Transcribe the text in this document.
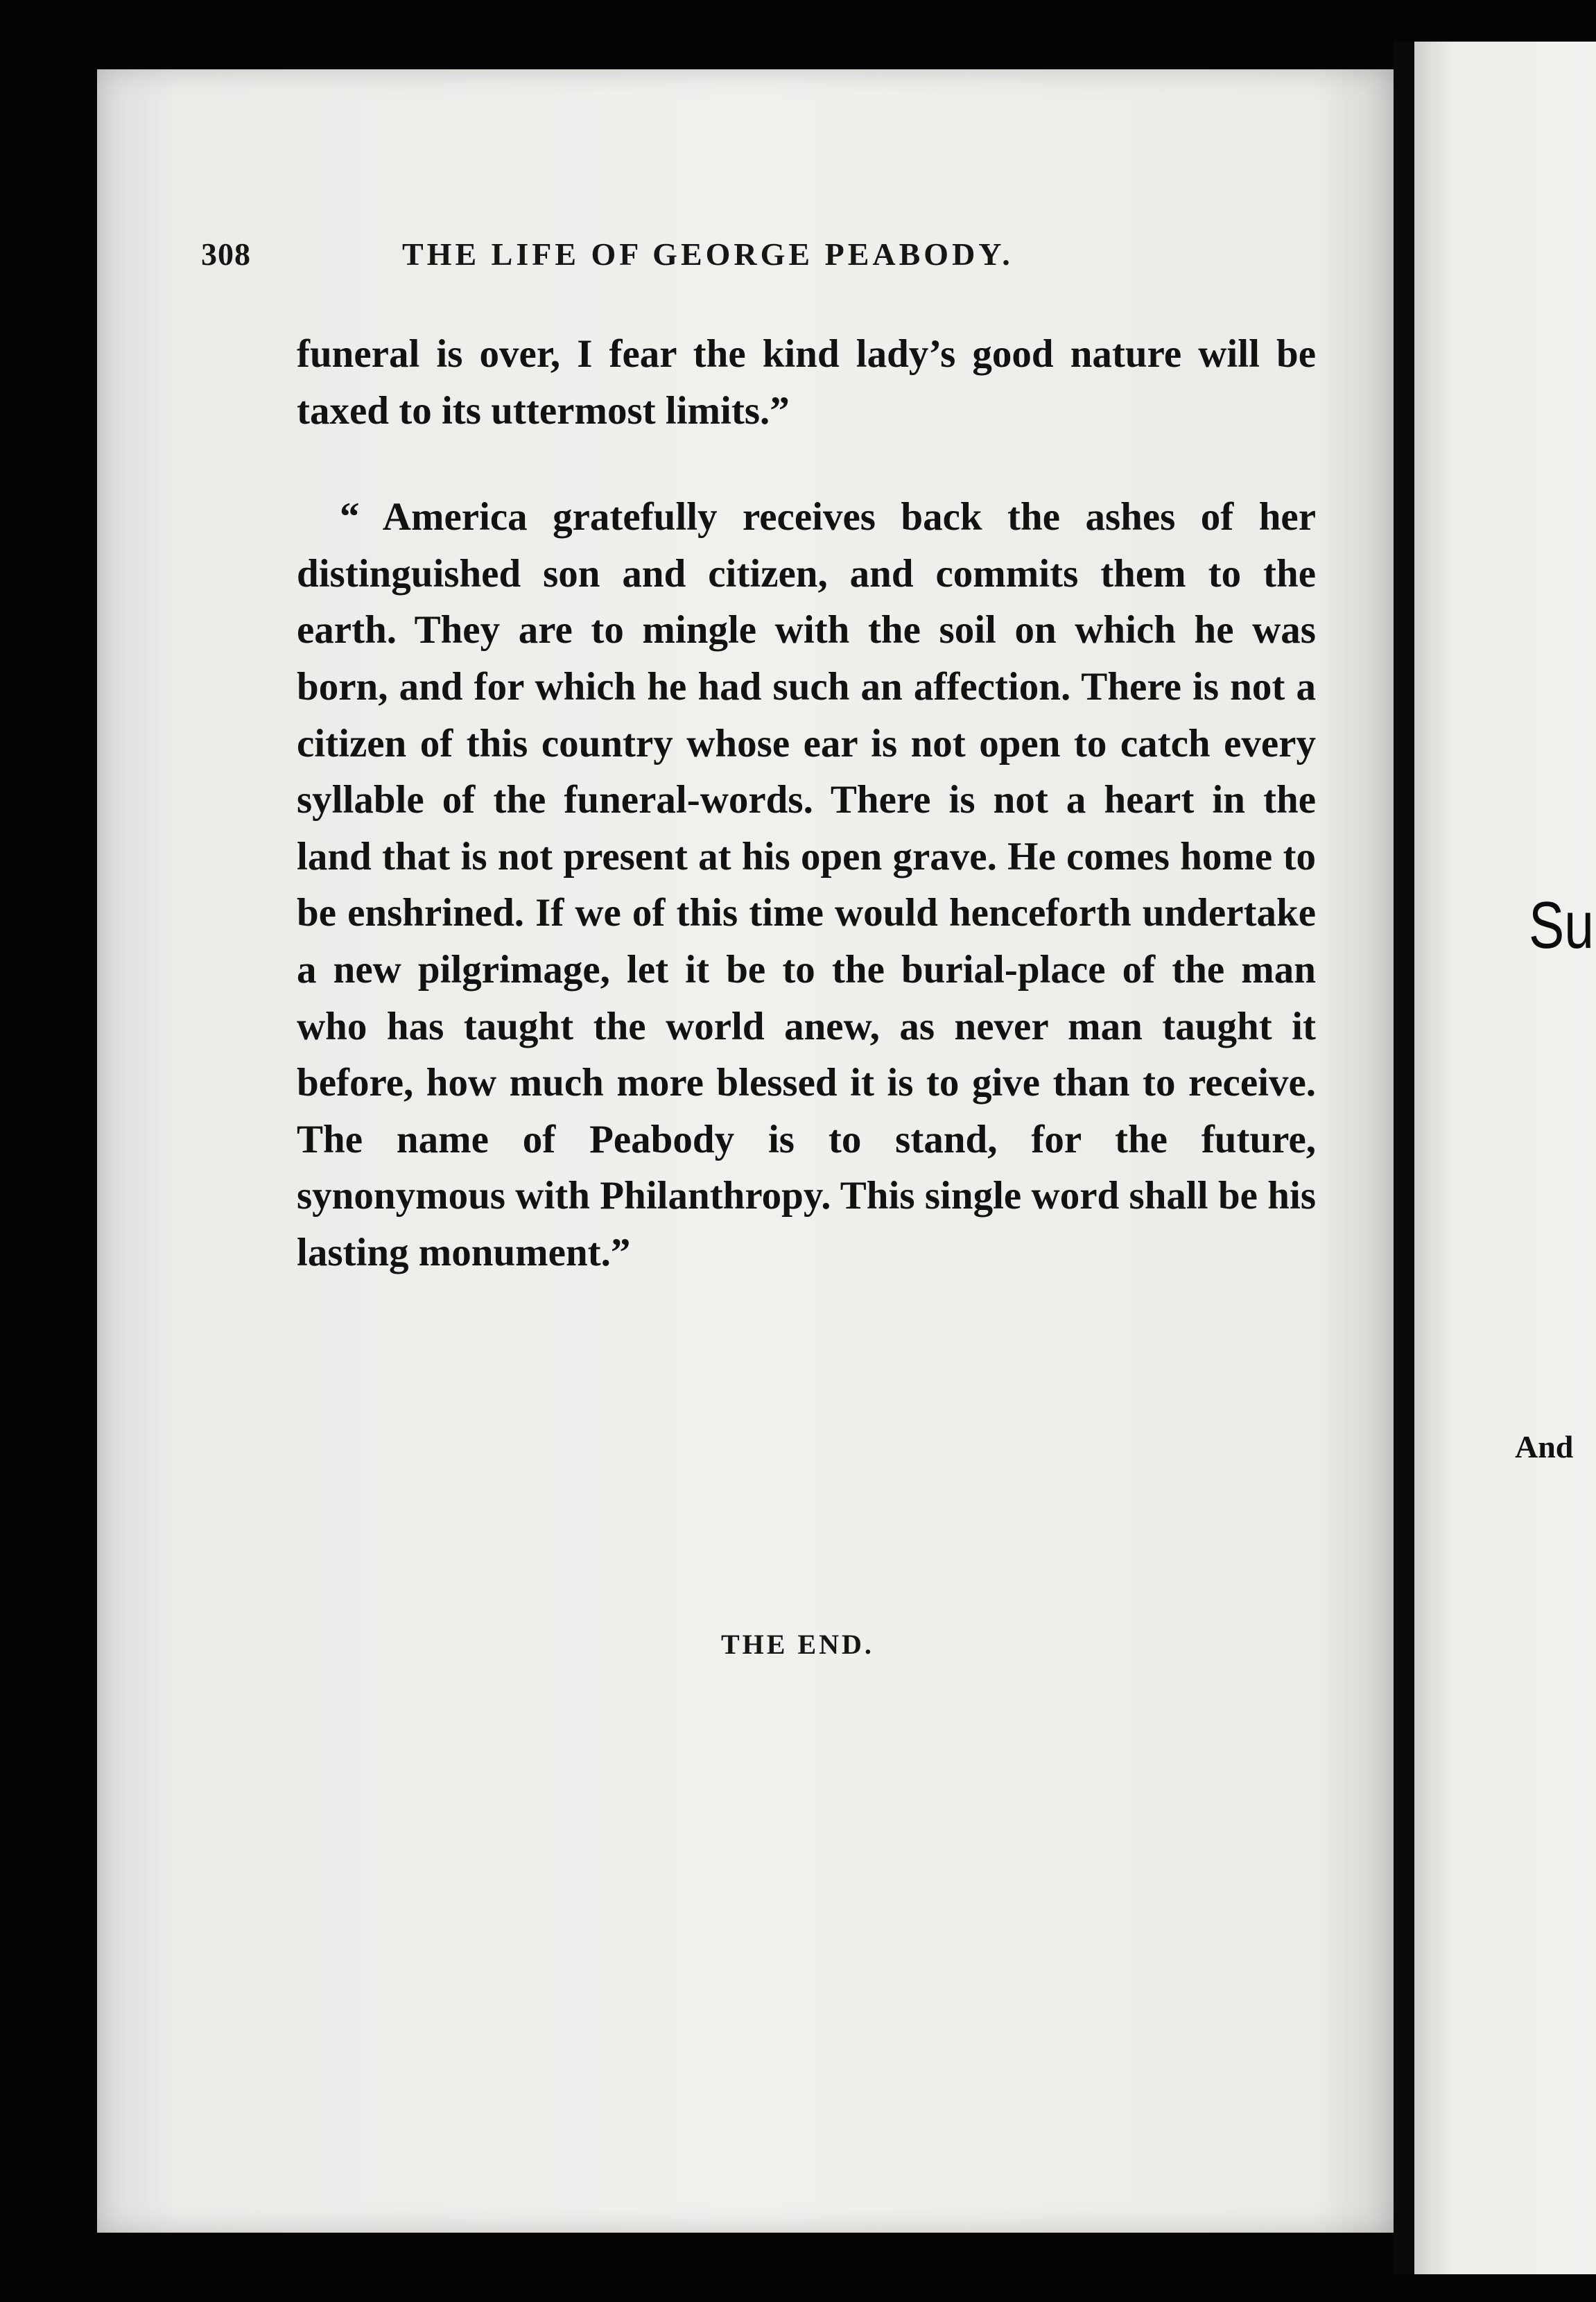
308	THE LIFE OF GEORGE PEABODY.

funeral is over, I fear the kind lady’s good nature will be taxed to its uttermost limits.”

“ America gratefully receives back the ashes of her distinguished son and citizen, and commits them to the earth. They are to mingle with the soil on which he was born, and for which he had such an affection. There is not a citizen of this country whose ear is not open to catch every syllable of the funeral-words. There is not a heart in the land that is not present at his open grave. He comes home to be enshrined. If we of this time would henceforth undertake a new pilgrimage, let it be to the burial-place of the man who has taught the world anew, as never man taught it before, how much more blessed it is to give than to receive. The name of Peabody is to stand, for the future, synonymous with Philanthropy. This single word shall be his lasting monument.”

THE END.
Su
And
